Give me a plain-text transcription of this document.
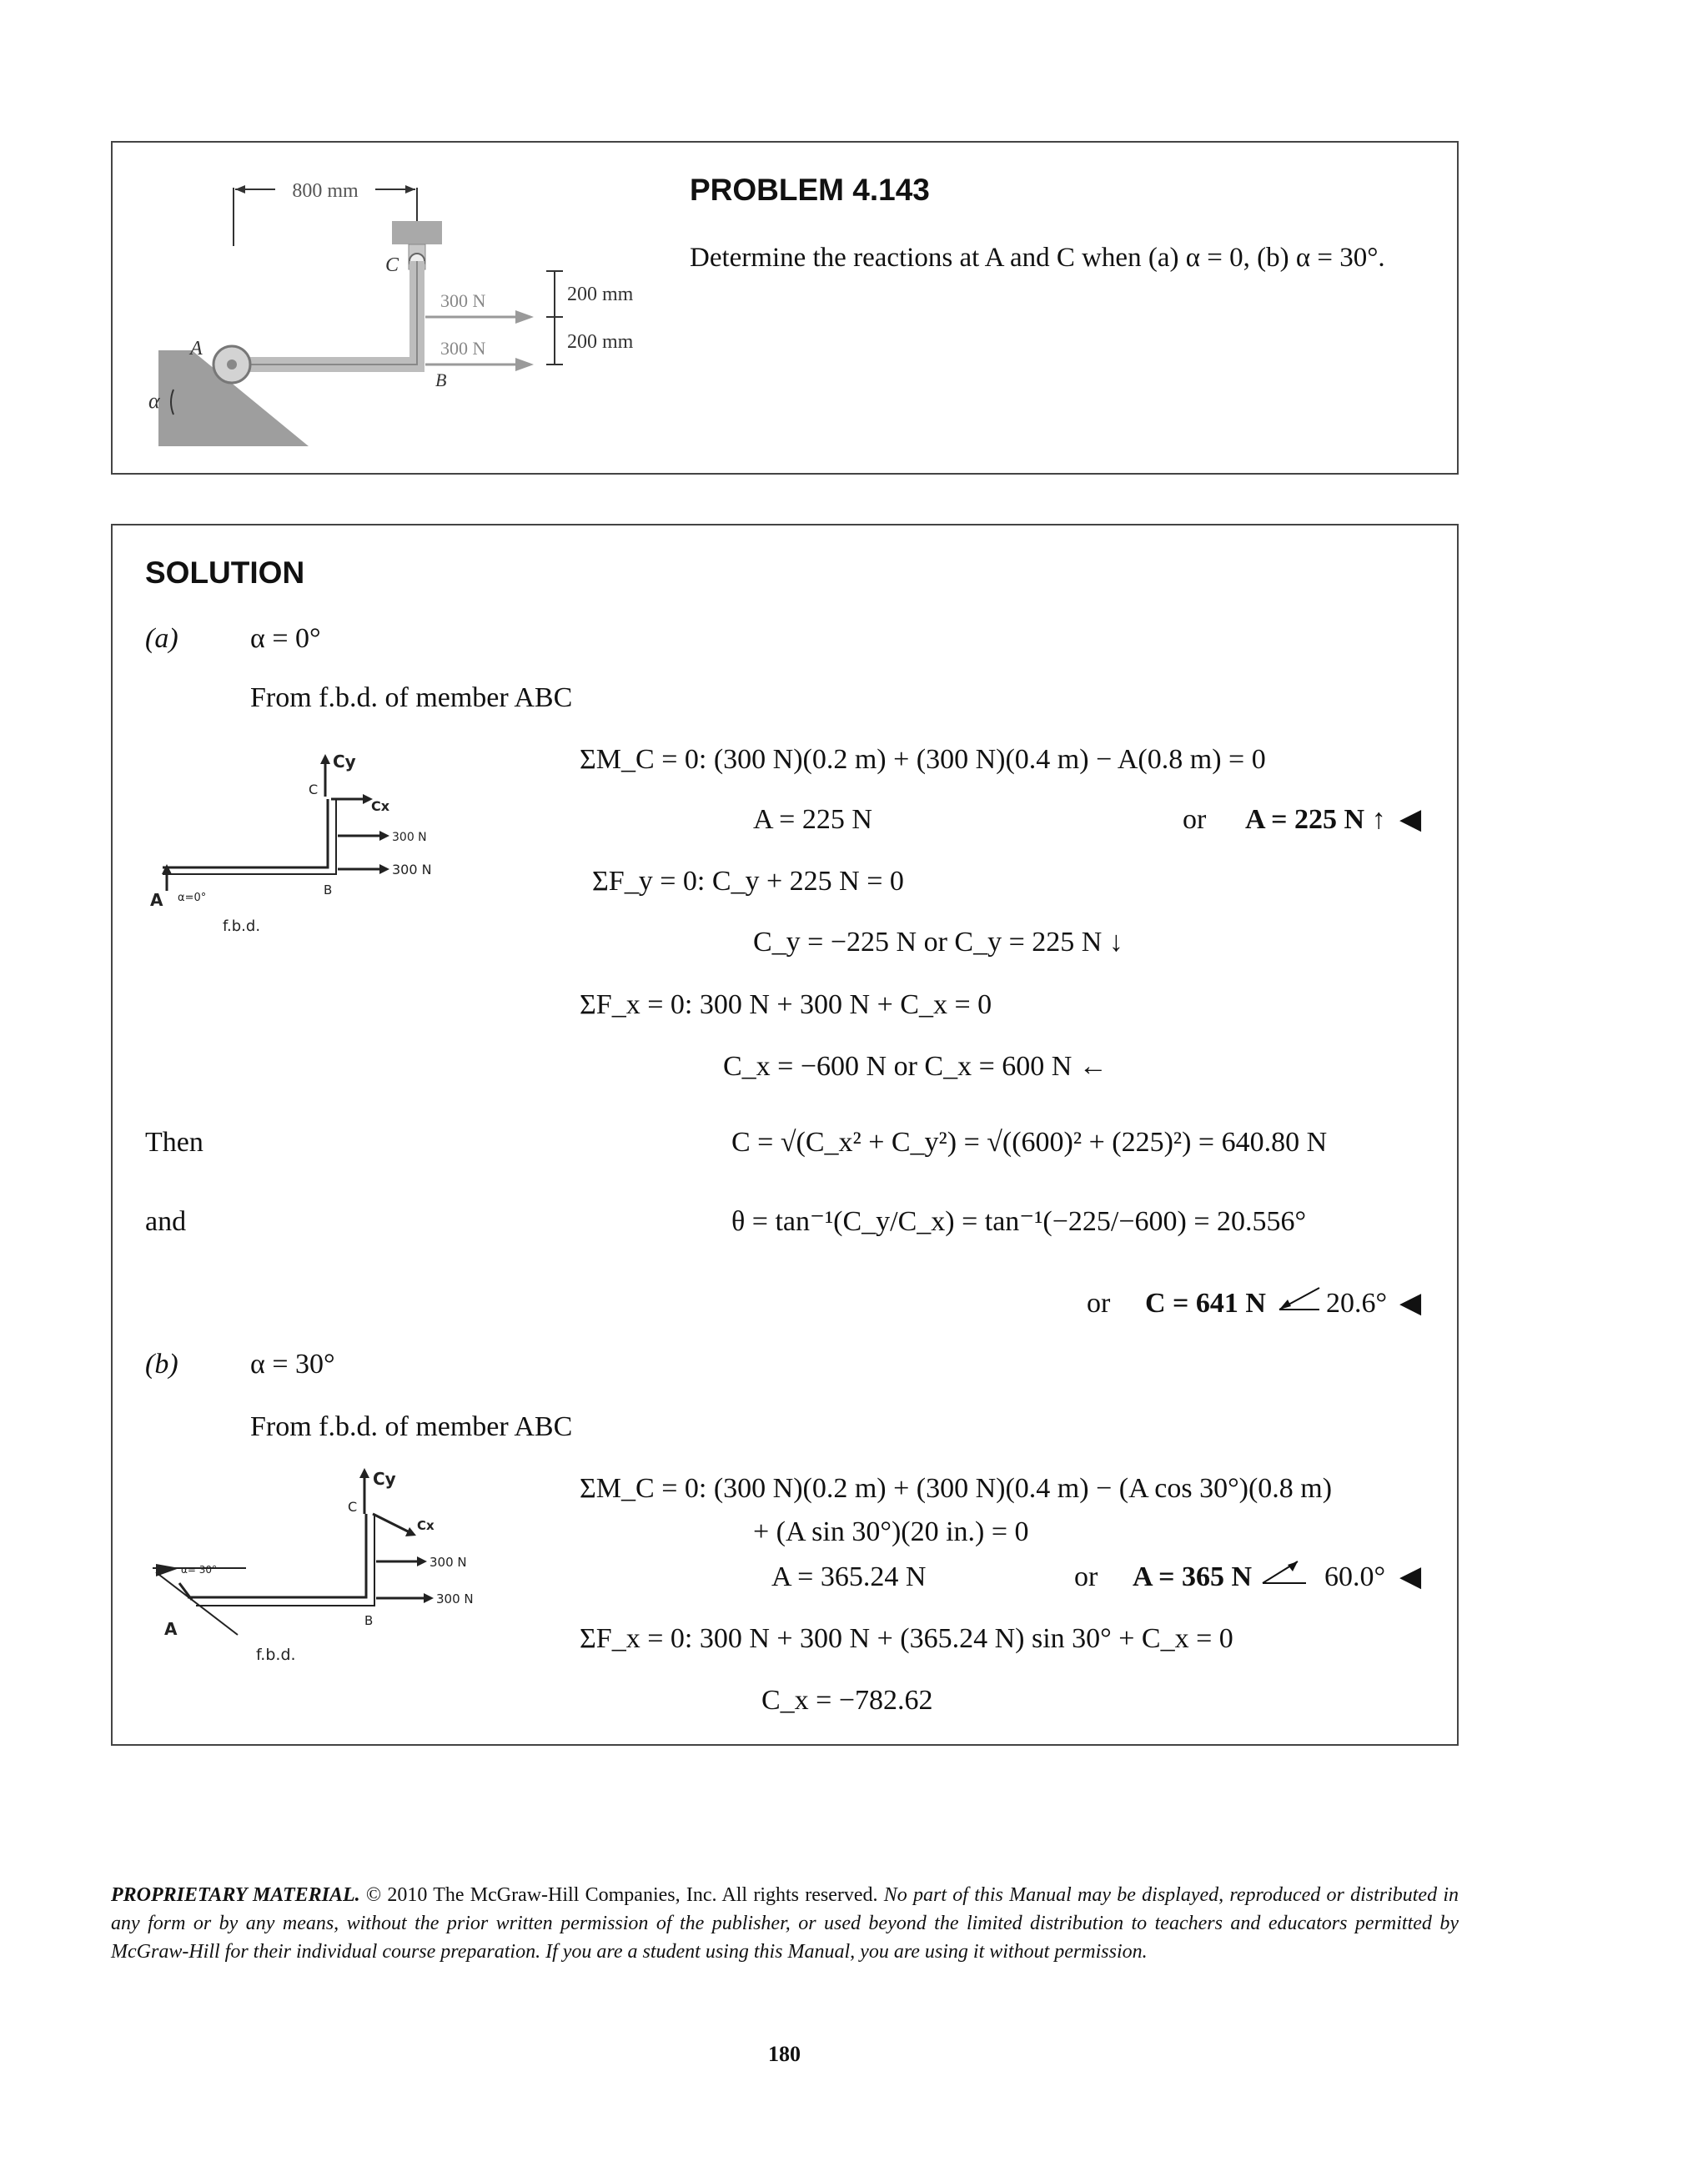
800 mm
C
300 N
300 N
B
200 mm
200 mm
A
α
PROBLEM 4.143
Determine the reactions at A and C when (a) α = 0, (b) α = 30°.
SOLUTION
(a)	α = 0°
From f.b.d. of member ABC
Cy
C
Cx
300 N
300 N
A α=0°
B
f.b.d.
ΣM_C = 0: (300 N)(0.2 m) + (300 N)(0.4 m) − A(0.8 m) = 0
A = 225 N	or A = 225 N ↑ ◀
ΣF_y = 0: C_y + 225 N = 0
C_y = −225 N or C_y = 225 N ↓
ΣF_x = 0: 300 N + 300 N + C_x = 0
C_x = −600 N or C_x = 600 N ←
Then	C = √(C_x² + C_y²) = √((600)² + (225)²) = 640.80 N
and	θ = tan⁻¹(C_y/C_x) = tan⁻¹(−225/−600) = 20.556°
or C = 641 N 20.6° ◀
(b)	α = 30°
From f.b.d. of member ABC
Cy
C
Cx
300 N
300 N
α= 30°
A	B
f.b.d.
ΣM_C = 0: (300 N)(0.2 m) + (300 N)(0.4 m) − (A cos 30°)(0.8 m)
+ (A sin 30°)(20 in.) = 0
A = 365.24 N	or A = 365 N	60.0° ◀
ΣF_x = 0: 300 N + 300 N + (365.24 N) sin 30° + C_x = 0
C_x = −782.62
PROPRIETARY MATERIAL. © 2010 The McGraw-Hill Companies, Inc. All rights reserved. No part of this Manual may be displayed, reproduced or distributed in any form or by any means, without the prior written permission of the publisher, or used beyond the limited distribution to teachers and educators permitted by McGraw-Hill for their individual course preparation. If you are a student using this Manual, you are using it without permission.
180
